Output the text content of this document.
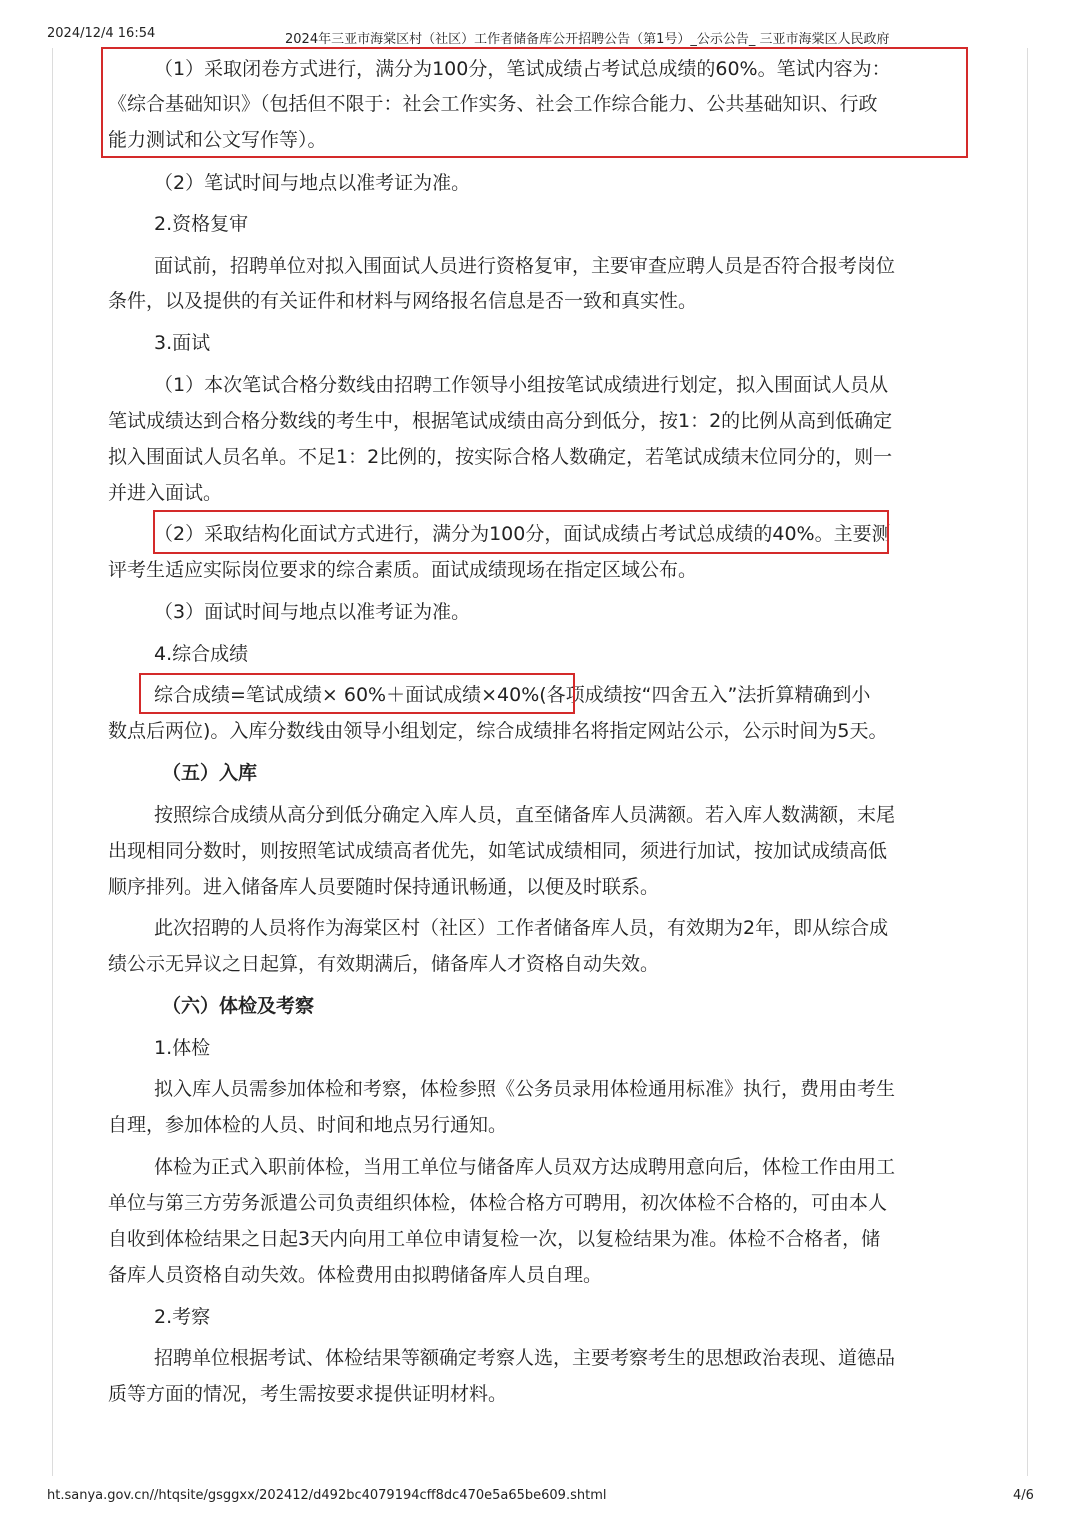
2024/12/4 16:54	2024年三亚市海棠区村（社区）工作者储备库公开招聘公告（第1号）_公示公告_ 三亚市海棠区人民政府
（1）采取闭卷方式进行，满分为100分，笔试成绩占考试总成绩的60%。笔试内容为：
《综合基础知识》（包括但不限于：社会工作实务、社会工作综合能力、公共基础知识、行政
能力测试和公文写作等）。
（2）笔试时间与地点以准考证为准。
2.资格复审
面试前，招聘单位对拟入围面试人员进行资格复审，主要审查应聘人员是否符合报考岗位
条件，以及提供的有关证件和材料与网络报名信息是否一致和真实性。
3.面试
（1）本次笔试合格分数线由招聘工作领导小组按笔试成绩进行划定，拟入围面试人员从
笔试成绩达到合格分数线的考生中，根据笔试成绩由高分到低分，按1：2的比例从高到低确定
拟入围面试人员名单。不足1：2比例的，按实际合格人数确定，若笔试成绩末位同分的，则一
并进入面试。
（2）采取结构化面试方式进行，满分为100分，面试成绩占考试总成绩的40%。主要测
评考生适应实际岗位要求的综合素质。面试成绩现场在指定区域公布。
（3）面试时间与地点以准考证为准。
4.综合成绩
综合成绩=笔试成绩× 60%＋面试成绩×40%(各项成绩按“四舍五入”法折算精确到小
数点后两位)。入库分数线由领导小组划定，综合成绩排名将指定网站公示，公示时间为5天。
（五）入库
按照综合成绩从高分到低分确定入库人员，直至储备库人员满额。若入库人数满额，末尾
出现相同分数时，则按照笔试成绩高者优先，如笔试成绩相同，须进行加试，按加试成绩高低
顺序排列。进入储备库人员要随时保持通讯畅通，以便及时联系。
此次招聘的人员将作为海棠区村（社区）工作者储备库人员，有效期为2年，即从综合成
绩公示无异议之日起算，有效期满后，储备库人才资格自动失效。
（六）体检及考察
1.体检
拟入库人员需参加体检和考察，体检参照《公务员录用体检通用标准》执行，费用由考生
自理，参加体检的人员、时间和地点另行通知。
体检为正式入职前体检，当用工单位与储备库人员双方达成聘用意向后，体检工作由用工
单位与第三方劳务派遣公司负责组织体检，体检合格方可聘用，初次体检不合格的，可由本人
自收到体检结果之日起3天内向用工单位申请复检一次，以复检结果为准。体检不合格者，储
备库人员资格自动失效。体检费用由拟聘储备库人员自理。
2.考察
招聘单位根据考试、体检结果等额确定考察人选，主要考察考生的思想政治表现、道德品
质等方面的情况，考生需按要求提供证明材料。
ht.sanya.gov.cn//htqsite/gsggxx/202412/d492bc4079194cff8dc470e5a65be609.shtml	4/6
